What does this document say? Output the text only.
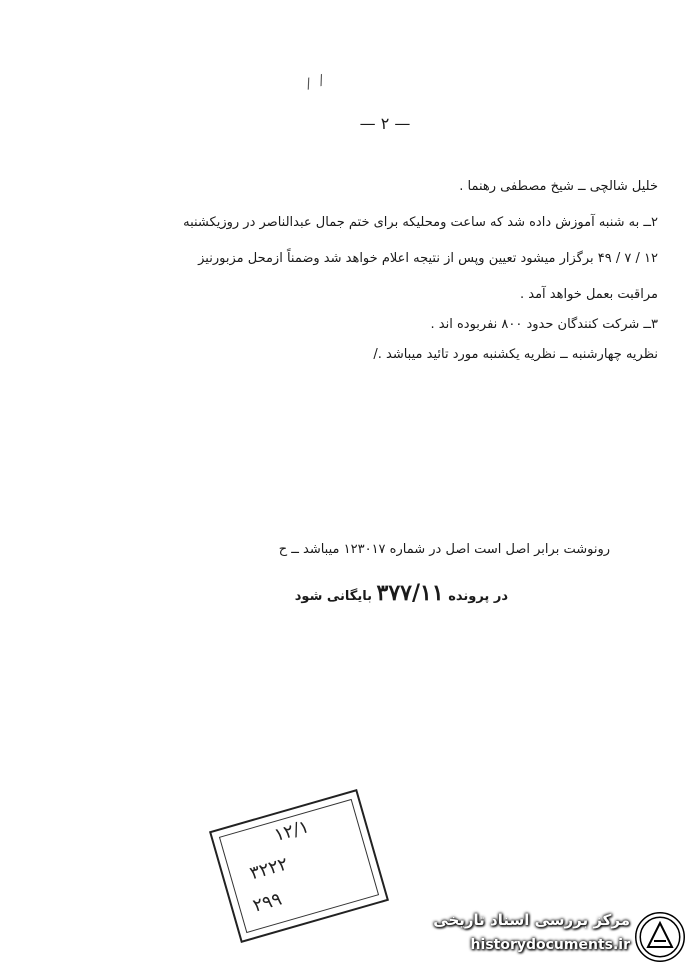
/ /
— ۲ —
خلیل شالچی ــ شیخ مصطفی رهنما .
۲ــ به شنبه آموزش داده شد که ساعت ومحلیکه برای ختم جمال عبدالناصر در روزیکشنبه
۱۲ / ۷ / ۴۹ برگزار میشود تعیین وپس از نتیجه اعلام خواهد شد وضمناً ازمحل مزبورنیز
مراقبت بعمل خواهد آمد .
۳ــ شرکت کنندگان حدود ۸۰۰ نفربوده اند .
نظریه چهارشنبه ــ نظریه یکشنبه مورد تائید میباشد ./
رونوشت برابر اصل است اصل در شماره ۱۲۳۰۱۷ میباشد ــ ح
در پرونده ۳۷۷/۱۱ بایگانی شود
۱۲/۱
۳۲۲۲
۲۹۹
مرکز بررسی اسناد تاریخی
historydocuments.ir
